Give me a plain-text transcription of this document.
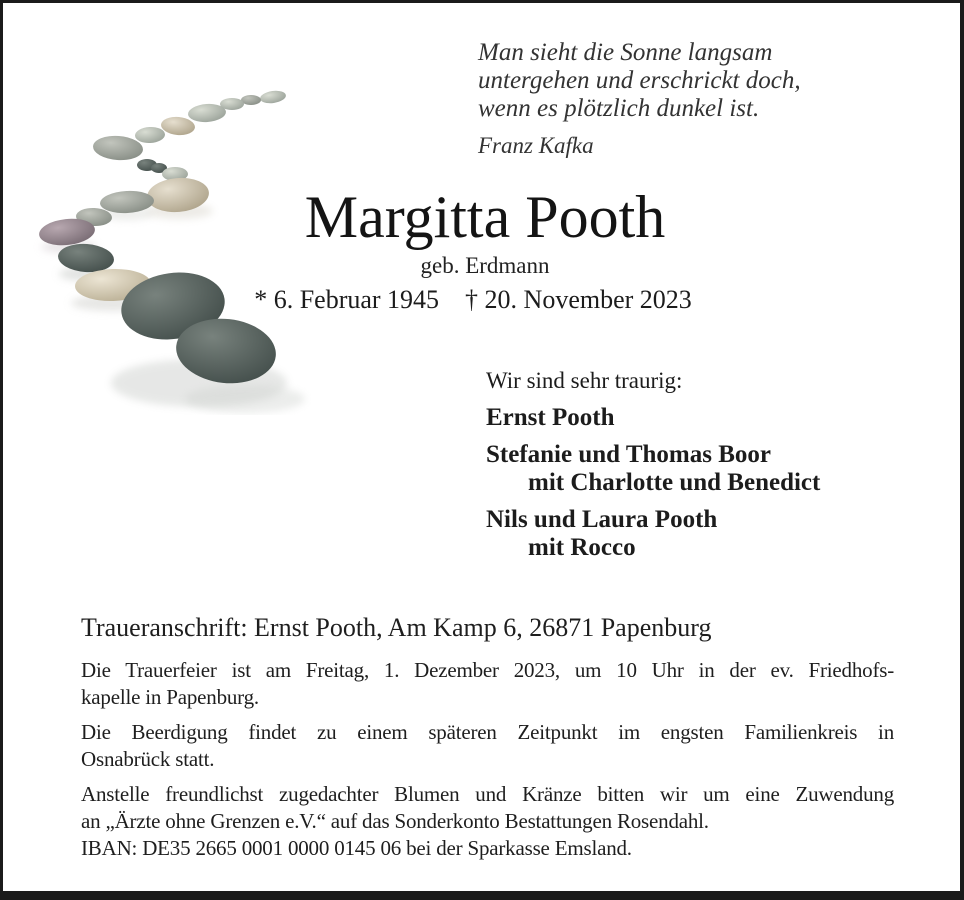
Man sieht die Sonne langsam
untergehen und erschrickt doch,
wenn es plötzlich dunkel ist.
Franz Kafka
Margitta Pooth
geb. Erdmann
* 6. Februar 1945 † 20. November 2023
Wir sind sehr traurig:
Ernst Pooth
Stefanie und Thomas Boor
mit Charlotte und Benedict
Nils und Laura Pooth
mit Rocco
Traueranschrift: Ernst Pooth, Am Kamp 6, 26871 Papenburg
Die Trauerfeier ist am Freitag, 1. Dezember 2023, um 10 Uhr in der ev. Friedhofs-
kapelle in Papenburg.
Die Beerdigung findet zu einem späteren Zeitpunkt im engsten Familienkreis in
Osnabrück statt.
Anstelle freundlichst zugedachter Blumen und Kränze bitten wir um eine Zuwendung
an „Ärzte ohne Grenzen e.V.“ auf das Sonderkonto Bestattungen Rosendahl.
IBAN: DE35 2665 0001 0000 0145 06 bei der Sparkasse Emsland.
